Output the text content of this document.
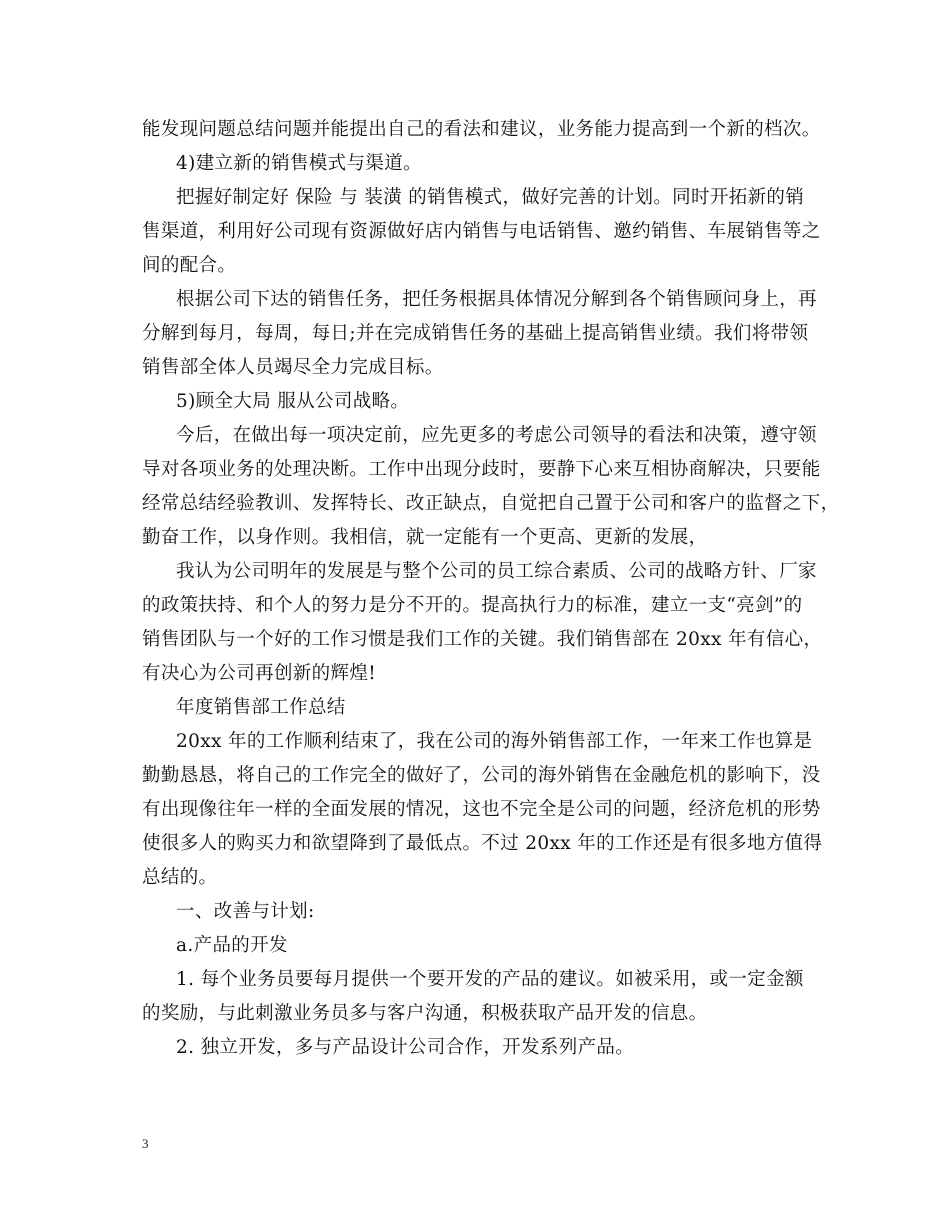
能发现问题总结问题并能提出自己的看法和建议，业务能力提高到一个新的档次。
4)建立新的销售模式与渠道。
把握好制定好 保险 与 装潢 的销售模式，做好完善的计划。同时开拓新的销
售渠道，利用好公司现有资源做好店内销售与电话销售、邀约销售、车展销售等之
间的配合。
根据公司下达的销售任务，把任务根据具体情况分解到各个销售顾问身上，再
分解到每月，每周，每日;并在完成销售任务的基础上提高销售业绩。我们将带领
销售部全体人员竭尽全力完成目标。
5)顾全大局 服从公司战略。
今后，在做出每一项决定前，应先更多的考虑公司领导的看法和决策，遵守领
导对各项业务的处理决断。工作中出现分歧时，要静下心来互相协商解决，只要能
经常总结经验教训、发挥特长、改正缺点，自觉把自己置于公司和客户的监督之下，
勤奋工作，以身作则。我相信，就一定能有一个更高、更新的发展，
我认为公司明年的发展是与整个公司的员工综合素质、公司的战略方针、厂家
的政策扶持、和个人的努力是分不开的。提高执行力的标准，建立一支“亮剑”的
销售团队与一个好的工作习惯是我们工作的关键。我们销售部在 20xx 年有信心，
有决心为公司再创新的辉煌!
年度销售部工作总结
20xx 年的工作顺利结束了，我在公司的海外销售部工作，一年来工作也算是
勤勤恳恳，将自己的工作完全的做好了，公司的海外销售在金融危机的影响下，没
有出现像往年一样的全面发展的情况，这也不完全是公司的问题，经济危机的形势
使很多人的购买力和欲望降到了最低点。不过 20xx 年的工作还是有很多地方值得
总结的。
一、改善与计划:
a.产品的开发
1. 每个业务员要每月提供一个要开发的产品的建议。如被采用，或一定金额
的奖励，与此刺激业务员多与客户沟通，积极获取产品开发的信息。
2. 独立开发，多与产品设计公司合作，开发系列产品。
3
